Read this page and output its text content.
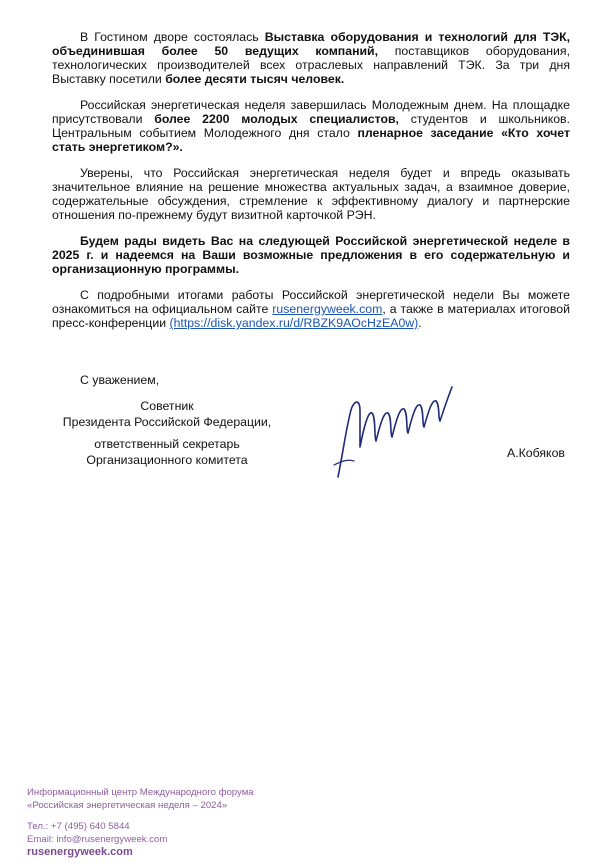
В Гостином дворе состоялась Выставка оборудования и технологий для ТЭК, объединившая более 50 ведущих компаний, поставщиков оборудования, технологических производителей всех отраслевых направлений ТЭК. За три дня Выставку посетили более десяти тысяч человек.

Российская энергетическая неделя завершилась Молодежным днем. На площадке присутствовали более 2200 молодых специалистов, студентов и школьников. Центральным событием Молодежного дня стало пленарное заседание «Кто хочет стать энергетиком?».

Уверены, что Российская энергетическая неделя будет и впредь оказывать значительное влияние на решение множества актуальных задач, а взаимное доверие, содержательные обсуждения, стремление к эффективному диалогу и партнерские отношения по-прежнему будут визитной карточкой РЭН.

Будем рады видеть Вас на следующей Российской энергетической неделе в 2025 г. и надеемся на Ваши возможные предложения в его содержательную и организационную программы.

С подробными итогами работы Российской энергетической недели Вы можете ознакомиться на официальном сайте rusenergyweek.com, а также в материалах итоговой пресс-конференции (https://disk.yandex.ru/d/RBZK9AOcHzEA0w).

С уважением,
Советник
Президента Российской Федерации,
ответственный секретарь
Организационного комитета	А.Кобяков
Информационный центр Международного форума
«Российская энергетическая неделя – 2024»
Тел.: +7 (495) 640 5844
Email: info@rusenergyweek.com
rusenergyweek.com
